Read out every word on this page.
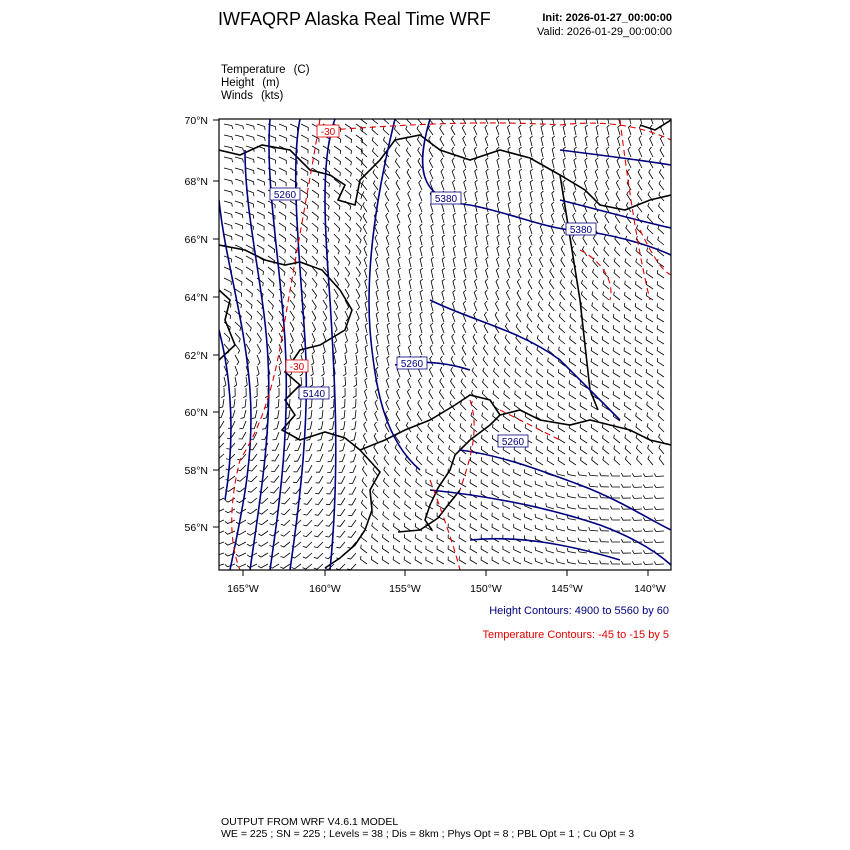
IWFAQRP Alaska Real Time WRF	Init: 2026-01-27_00:00:00
Valid: 2026-01-29_00:00:00
Temperature (C)
Height (m)
Winds (kts)
5260	5380
5380
5260
5140
5260
-30
-30
70°N
68°N
66°N
64°N
62°N
60°N
58°N
56°N
165°W	160°W	155°W	150°W	145°W	140°W
Height Contours: 4900 to 5560 by 60
Temperature Contours: -45 to -15 by 5
OUTPUT FROM WRF V4.6.1 MODEL
WE = 225 ; SN = 225 ; Levels = 38 ; Dis = 8km ; Phys Opt = 8 ; PBL Opt = 1 ; Cu Opt = 3
